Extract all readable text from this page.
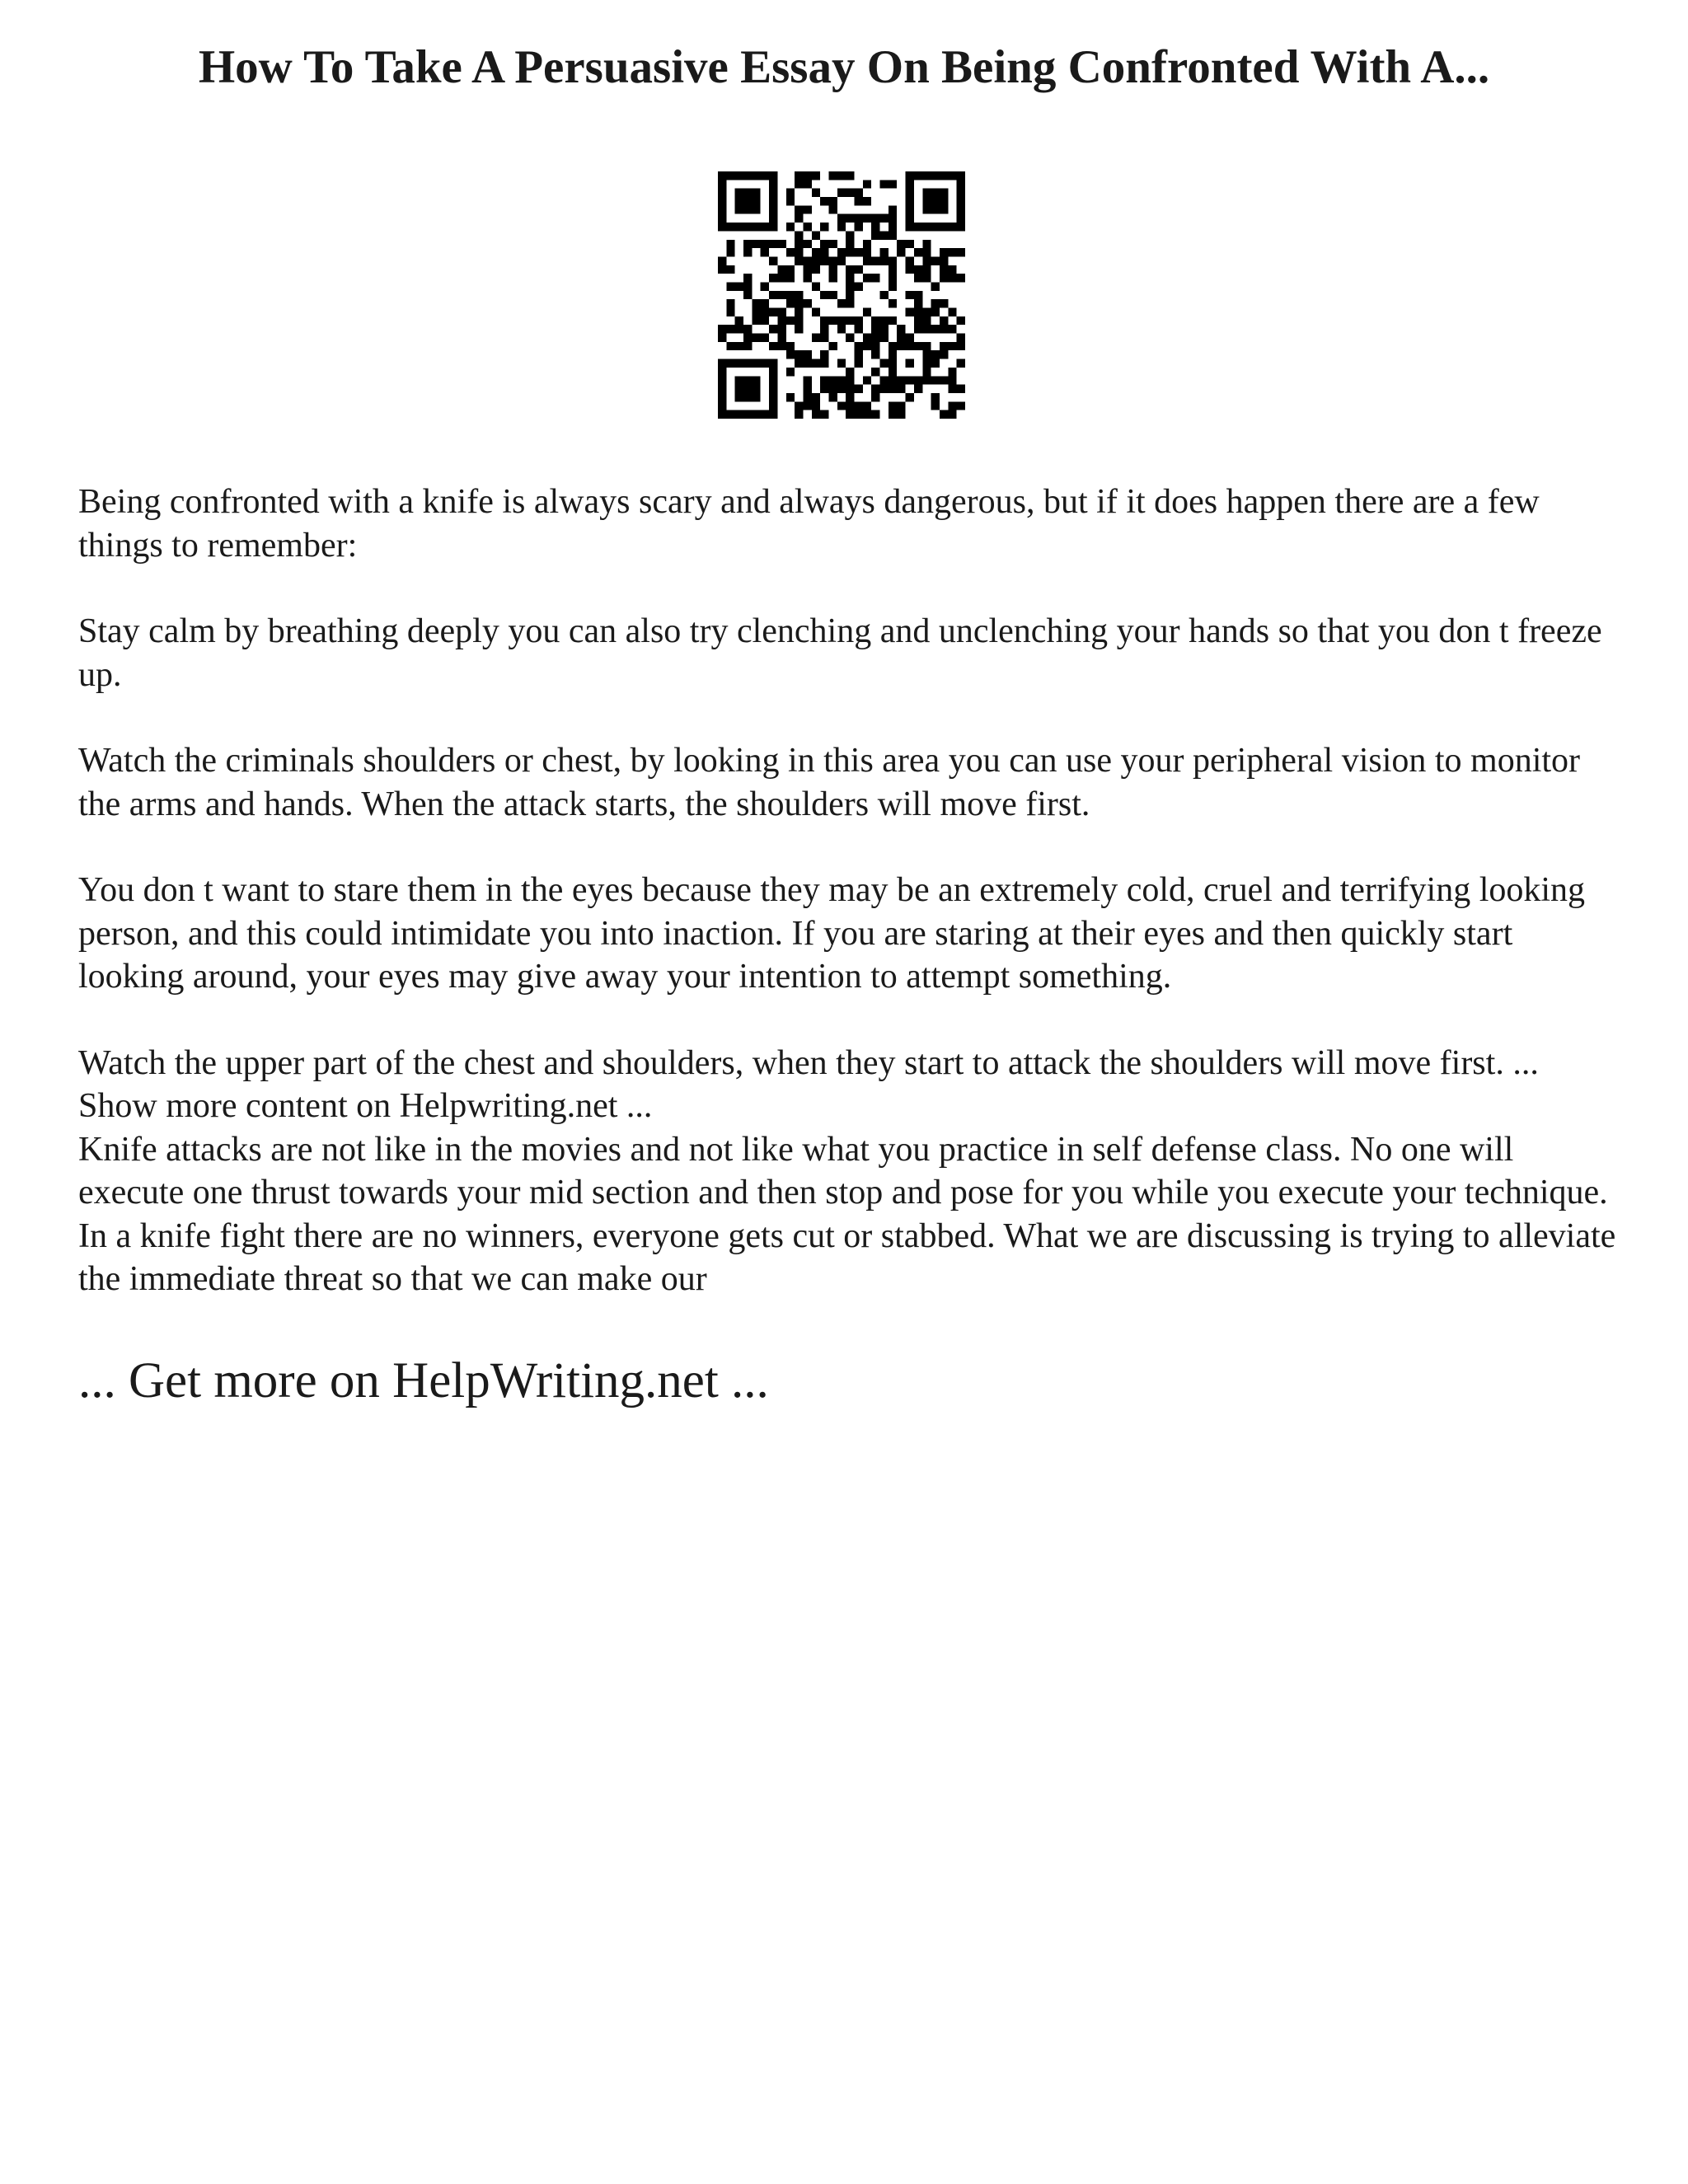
How To Take A Persuasive Essay On Being Confronted With A...

Being confronted with a knife is always scary and always dangerous, but if it does happen there are a few things to remember:

Stay calm by breathing deeply you can also try clenching and unclenching your hands so that you don t freeze up.

Watch the criminals shoulders or chest, by looking in this area you can use your peripheral vision to monitor the arms and hands. When the attack starts, the shoulders will move first.

You don t want to stare them in the eyes because they may be an extremely cold, cruel and terrifying looking person, and this could intimidate you into inaction. If you are staring at their eyes and then quickly start looking around, your eyes may give away your intention to attempt something.

Watch the upper part of the chest and shoulders, when they start to attack the shoulders will move first. ... Show more content on Helpwriting.net ...

Knife attacks are not like in the movies and not like what you practice in self defense class. No one will execute one thrust towards your mid section and then stop and pose for you while you execute your technique. In a knife fight there are no winners, everyone gets cut or stabbed. What we are discussing is trying to alleviate the immediate threat so that we can make our

... Get more on HelpWriting.net ...
